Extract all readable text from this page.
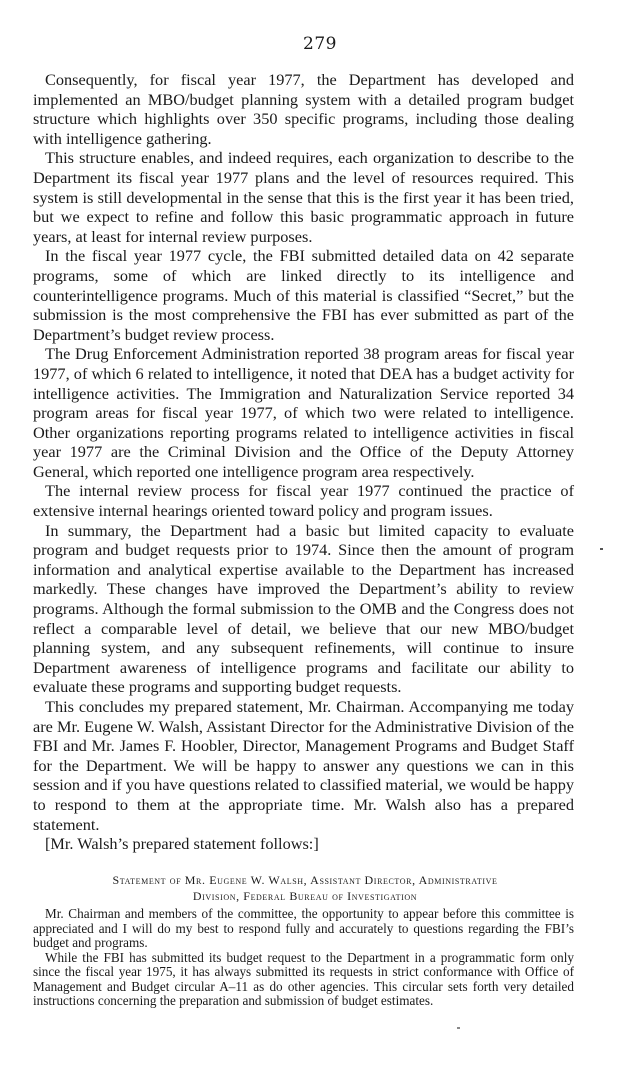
279

Consequently, for fiscal year 1977, the Department has developed and implemented an MBO/budget planning system with a detailed program budget structure which highlights over 350 specific programs, including those dealing with intelligence gathering.

This structure enables, and indeed requires, each organization to describe to the Department its fiscal year 1977 plans and the level of resources required. This system is still developmental in the sense that this is the first year it has been tried, but we expect to refine and follow this basic programmatic approach in future years, at least for internal review purposes.

In the fiscal year 1977 cycle, the FBI submitted detailed data on 42 separate programs, some of which are linked directly to its intelligence and counterintelligence programs. Much of this material is classified “Secret,” but the submission is the most comprehensive the FBI has ever submitted as part of the Department’s budget review process.

The Drug Enforcement Administration reported 38 program areas for fiscal year 1977, of which 6 related to intelligence, it noted that DEA has a budget activity for intelligence activities. The Immigration and Naturalization Service reported 34 program areas for fiscal year 1977, of which two were related to intelligence. Other organizations reporting programs related to intelligence activities in fiscal year 1977 are the Criminal Division and the Office of the Deputy Attorney General, which reported one intelligence program area respectively.

The internal review process for fiscal year 1977 continued the practice of extensive internal hearings oriented toward policy and program issues.

In summary, the Department had a basic but limited capacity to evaluate program and budget requests prior to 1974. Since then the amount of program information and analytical expertise available to the Department has increased markedly. These changes have improved the Department’s ability to review programs. Although the formal submission to the OMB and the Congress does not reflect a comparable level of detail, we believe that our new MBO/budget planning system, and any subsequent refinements, will continue to insure Department awareness of intelligence programs and facilitate our ability to evaluate these programs and supporting budget requests.

This concludes my prepared statement, Mr. Chairman. Accompanying me today are Mr. Eugene W. Walsh, Assistant Director for the Administrative Division of the FBI and Mr. James F. Hoobler, Director, Management Programs and Budget Staff for the Department. We will be happy to answer any questions we can in this session and if you have questions related to classified material, we would be happy to respond to them at the appropriate time. Mr. Walsh also has a prepared statement.

[Mr. Walsh’s prepared statement follows:]

Statement of Mr. Eugene W. Walsh, Assistant Director, Administrative
Division, Federal Bureau of Investigation

Mr. Chairman and members of the committee, the opportunity to appear before this committee is appreciated and I will do my best to respond fully and accurately to questions regarding the FBI’s budget and programs.

While the FBI has submitted its budget request to the Department in a programmatic form only since the fiscal year 1975, it has always submitted its requests in strict conformance with Office of Management and Budget circular A–11 as do other agencies. This circular sets forth very detailed instructions concerning the preparation and submission of budget estimates.
